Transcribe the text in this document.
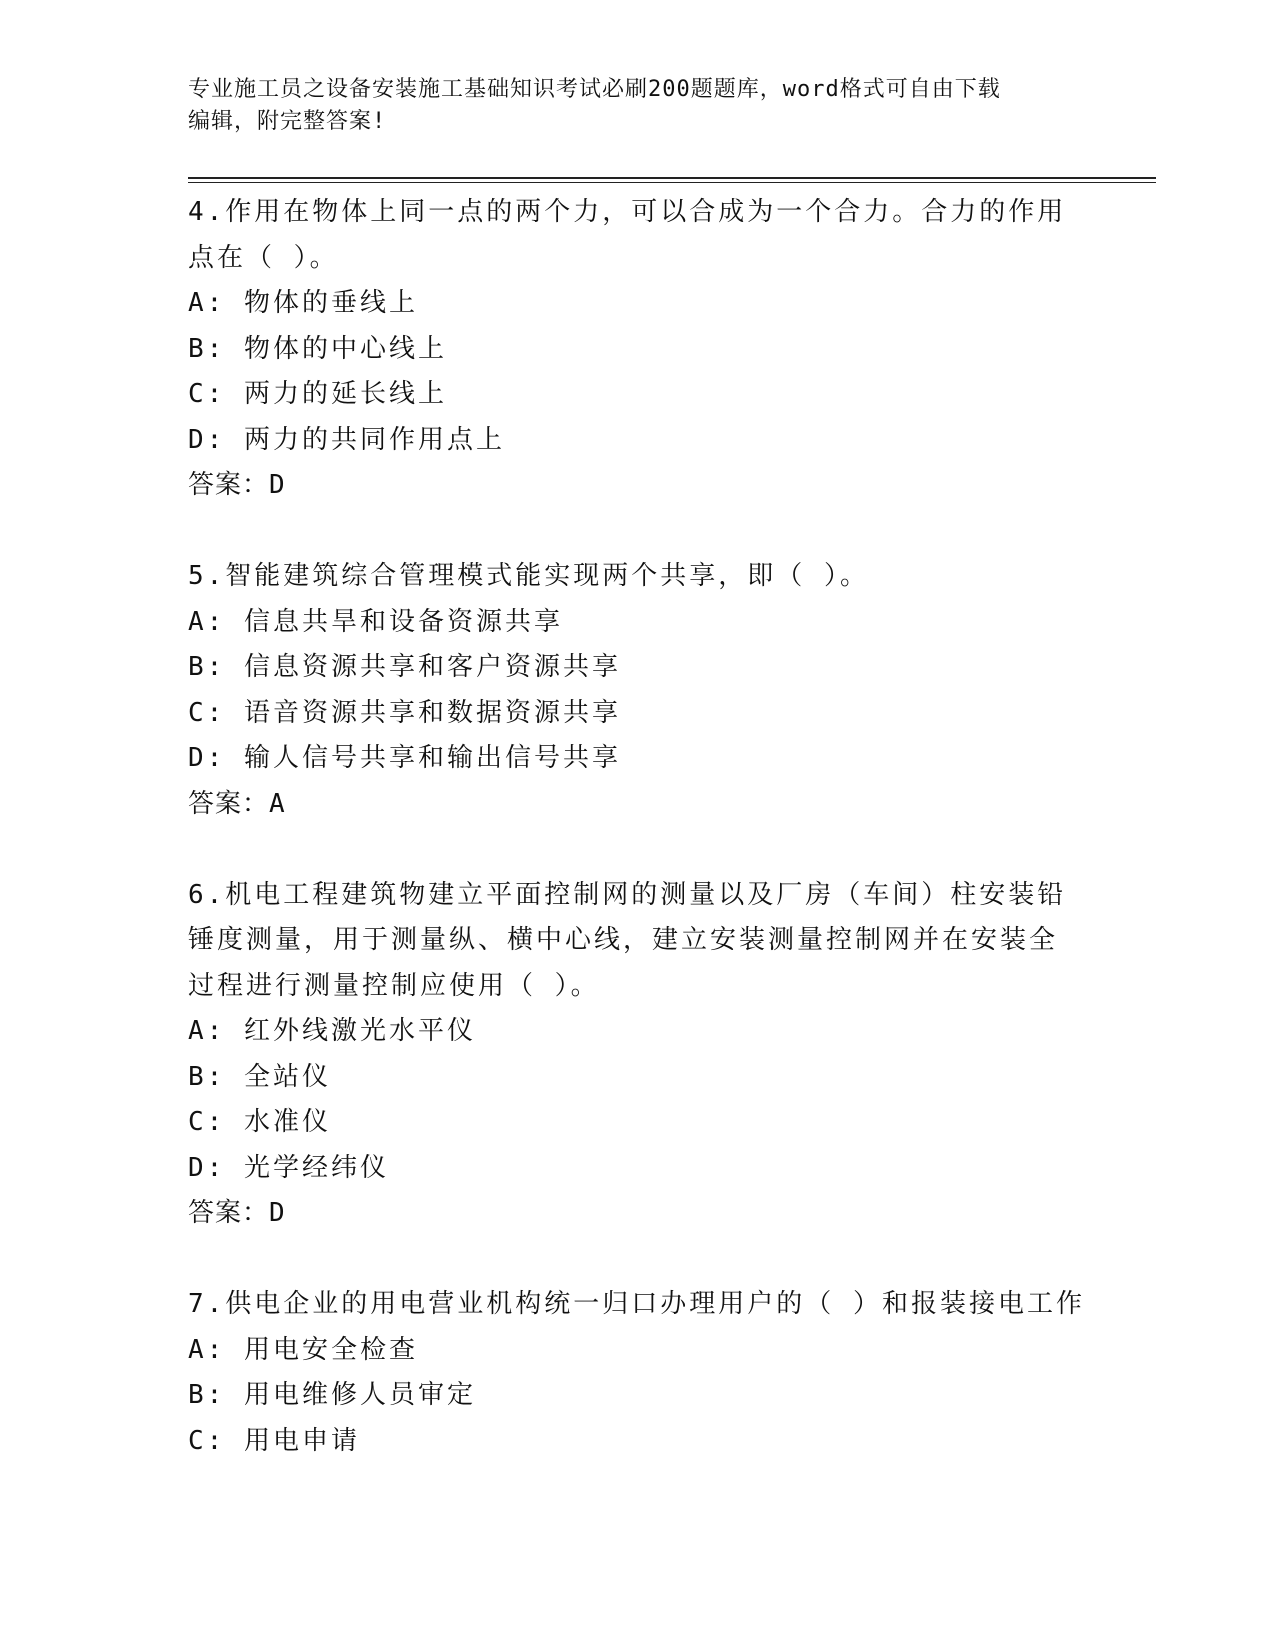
专业施工员之设备安装施工基础知识考试必刷200题题库，word格式可自由下载
编辑，附完整答案!
4.作用在物体上同一点的两个力，可以合成为一个合力。合力的作用
点在（ ）。
A: 物体的垂线上
B: 物体的中心线上
C: 两力的延长线上
D: 两力的共同作用点上
答案：D
5.智能建筑综合管理模式能实现两个共享，即（ ）。
A: 信息共旱和设备资源共享
B: 信息资源共享和客户资源共享
C: 语音资源共享和数据资源共享
D: 输人信号共享和输出信号共享
答案：A
6.机电工程建筑物建立平面控制网的测量以及厂房（车间）柱安装铅
锤度测量，用于测量纵、横中心线，建立安装测量控制网并在安装全
过程进行测量控制应使用（ ）。
A: 红外线激光水平仪
B: 全站仪
C: 水准仪
D: 光学经纬仪
答案：D
7.供电企业的用电营业机构统一归口办理用户的（ ）和报装接电工作
A: 用电安全检查
B: 用电维修人员审定
C: 用电申请
